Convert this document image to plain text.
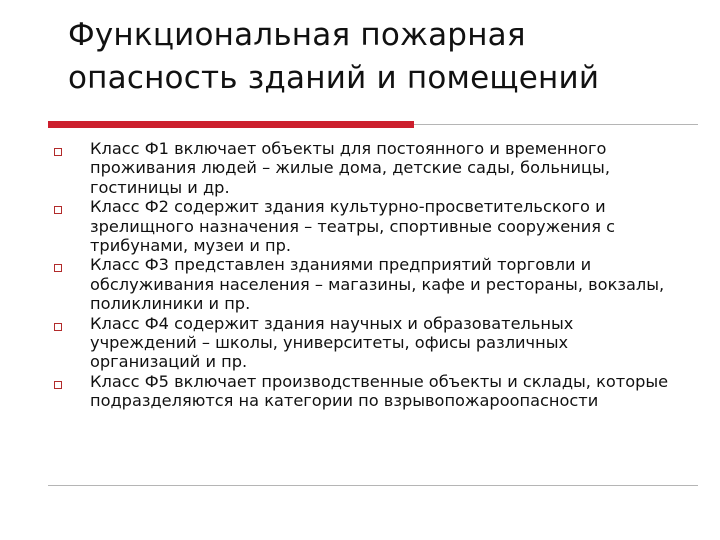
Функциональная пожарная
опасность зданий и помещений
Класс Ф1 включает объекты для постоянного и временного проживания людей – жилые дома, детские сады, больницы, гостиницы и др.
Класс Ф2 содержит здания культурно-просветительского и зрелищного назначения – театры, спортивные сооружения с трибунами, музеи и пр.
Класс Ф3 представлен зданиями предприятий торговли и обслуживания населения – магазины, кафе и рестораны, вокзалы, поликлиники и пр.
Класс Ф4 содержит здания научных и образовательных учреждений – школы, университеты, офисы различных организаций и пр.
Класс Ф5 включает производственные объекты и склады, которые подразделяются на категории по взрывопожароопасности
